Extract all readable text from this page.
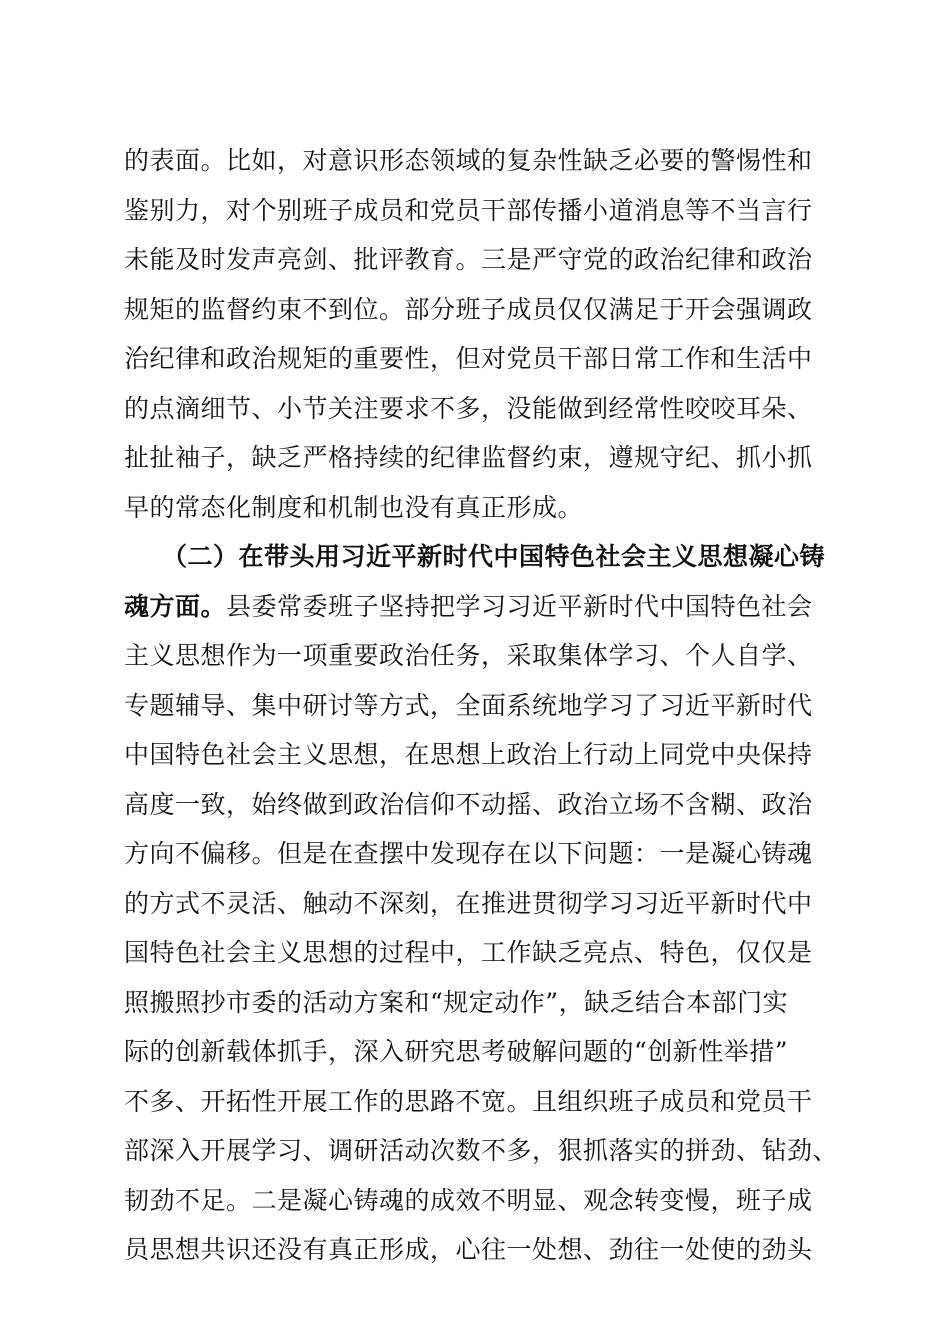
的表面。比如，对意识形态领域的复杂性缺乏必要的警惕性和
鉴别力，对个别班子成员和党员干部传播小道消息等不当言行
未能及时发声亮剑、批评教育。三是严守党的政治纪律和政治
规矩的监督约束不到位。部分班子成员仅仅满足于开会强调政
治纪律和政治规矩的重要性，但对党员干部日常工作和生活中
的点滴细节、小节关注要求不多，没能做到经常性咬咬耳朵、
扯扯袖子，缺乏严格持续的纪律监督约束，遵规守纪、抓小抓
早的常态化制度和机制也没有真正形成。
（二）在带头用习近平新时代中国特色社会主义思想凝心铸
魂方面。县委常委班子坚持把学习习近平新时代中国特色社会
主义思想作为一项重要政治任务，采取集体学习、个人自学、
专题辅导、集中研讨等方式，全面系统地学习了习近平新时代
中国特色社会主义思想，在思想上政治上行动上同党中央保持
高度一致，始终做到政治信仰不动摇、政治立场不含糊、政治
方向不偏移。但是在查摆中发现存在以下问题：一是凝心铸魂
的方式不灵活、触动不深刻，在推进贯彻学习习近平新时代中
国特色社会主义思想的过程中，工作缺乏亮点、特色，仅仅是
照搬照抄市委的活动方案和“规定动作”，缺乏结合本部门实
际的创新载体抓手，深入研究思考破解问题的“创新性举措”
不多、开拓性开展工作的思路不宽。且组织班子成员和党员干
部深入开展学习、调研活动次数不多，狠抓落实的拼劲、钻劲、
韧劲不足。二是凝心铸魂的成效不明显、观念转变慢，班子成
员思想共识还没有真正形成，心往一处想、劲往一处使的劲头
